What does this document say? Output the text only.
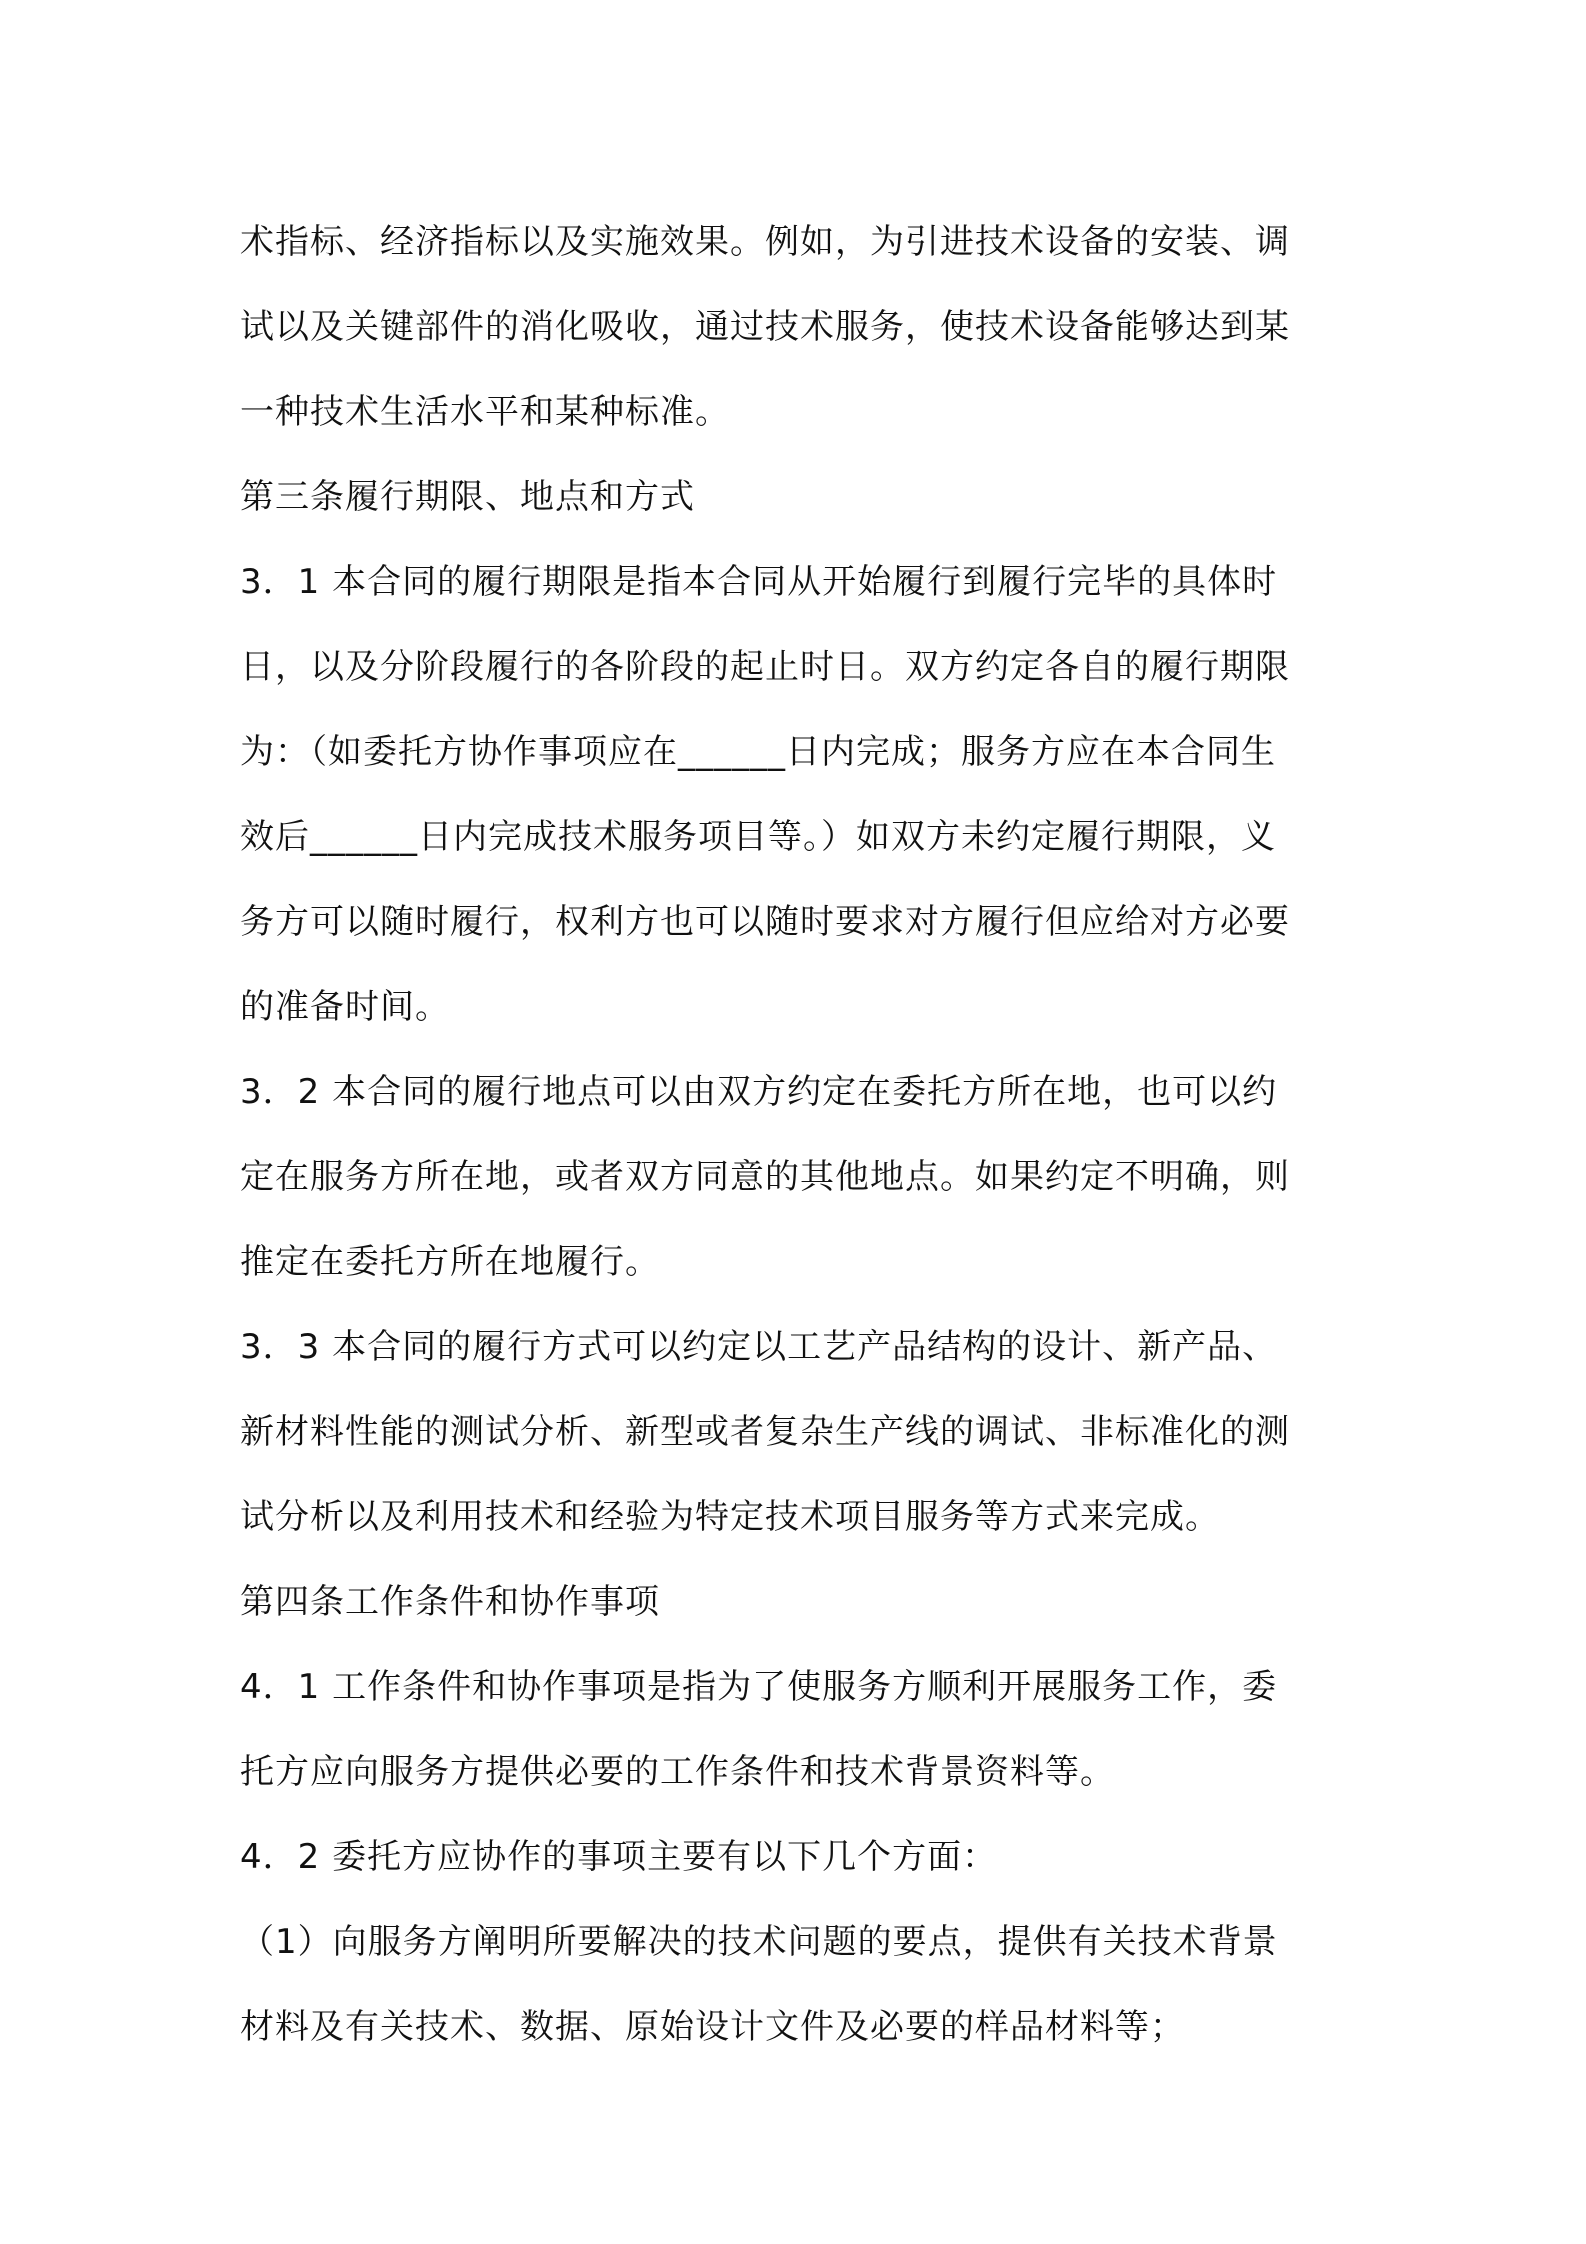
术指标、经济指标以及实施效果。例如，为引进技术设备的安装、调
试以及关键部件的消化吸收，通过技术服务，使技术设备能够达到某
一种技术生活水平和某种标准。
第三条履行期限、地点和方式
3．1 本合同的履行期限是指本合同从开始履行到履行完毕的具体时
日，以及分阶段履行的各阶段的起止时日。双方约定各自的履行期限
为：（如委托方协作事项应在______日内完成；服务方应在本合同生
效后______日内完成技术服务项目等。）如双方未约定履行期限，义
务方可以随时履行，权利方也可以随时要求对方履行但应给对方必要
的准备时间。
3．2 本合同的履行地点可以由双方约定在委托方所在地，也可以约
定在服务方所在地，或者双方同意的其他地点。如果约定不明确，则
推定在委托方所在地履行。
3．3 本合同的履行方式可以约定以工艺产品结构的设计、新产品、
新材料性能的测试分析、新型或者复杂生产线的调试、非标准化的测
试分析以及利用技术和经验为特定技术项目服务等方式来完成。
第四条工作条件和协作事项
4．1 工作条件和协作事项是指为了使服务方顺利开展服务工作，委
托方应向服务方提供必要的工作条件和技术背景资料等。
4．2 委托方应协作的事项主要有以下几个方面：
（1）向服务方阐明所要解决的技术问题的要点，提供有关技术背景
材料及有关技术、数据、原始设计文件及必要的样品材料等；
